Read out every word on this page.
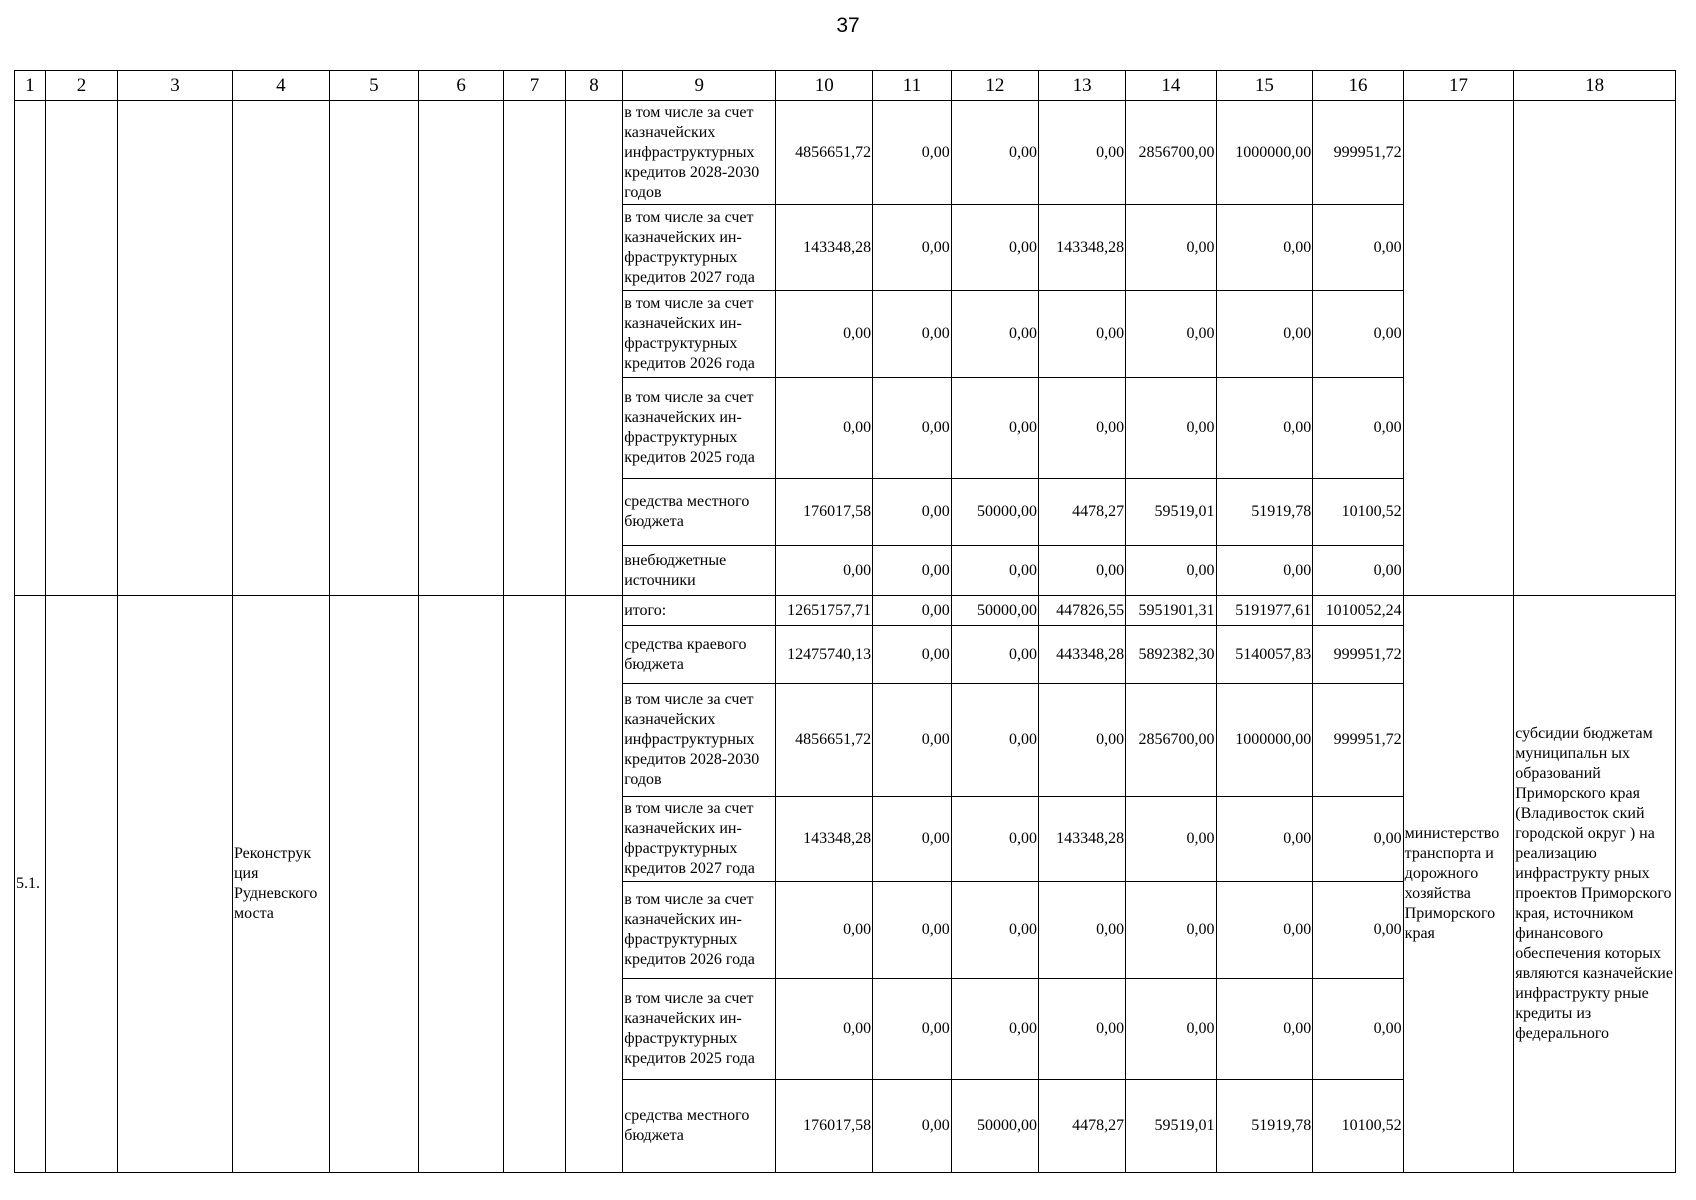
37
1	2	3	4	5	6	7	8	9	10	11	12	13	14	15	16	17	18
								в том числе за счет казначейских инфраструктурных кредитов 2028-2030 годов	4856651,72	0,00	0,00	0,00	2856700,00	1000000,00	999951,72		
								в том числе за счет казначейских ин-фраструктурных кредитов 2027 года	143348,28	0,00	0,00	143348,28	0,00	0,00	0,00		
								в том числе за счет казначейских ин-фраструктурных кредитов 2026 года	0,00	0,00	0,00	0,00	0,00	0,00	0,00		
								в том числе за счет казначейских ин-фраструктурных кредитов 2025 года	0,00	0,00	0,00	0,00	0,00	0,00	0,00		
								средства местного бюджета	176017,58	0,00	50000,00	4478,27	59519,01	51919,78	10100,52		
								внебюджетные источники	0,00	0,00	0,00	0,00	0,00	0,00	0,00		
5.1.			Реконструк ция Рудневского моста					итого:	12651757,71	0,00	50000,00	447826,55	5951901,31	5191977,61	1010052,24	министерство транспорта и дорожного хозяйства Приморского края	субсидии бюджетам муниципальн ых образований Приморского края (Владивосток ский городской округ ) на реализацию инфраструкту рных проектов Приморского края, источником финансового обеспечения которых являются казначейские инфраструкту рные кредиты из федерального
								средства краевого бюджета	12475740,13	0,00	0,00	443348,28	5892382,30	5140057,83	999951,72		
								в том числе за счет казначейских инфраструктурных кредитов 2028-2030 годов	4856651,72	0,00	0,00	0,00	2856700,00	1000000,00	999951,72		
								в том числе за счет казначейских ин-фраструктурных кредитов 2027 года	143348,28	0,00	0,00	143348,28	0,00	0,00	0,00		
								в том числе за счет казначейских ин-фраструктурных кредитов 2026 года	0,00	0,00	0,00	0,00	0,00	0,00	0,00		
								в том числе за счет казначейских ин-фраструктурных кредитов 2025 года	0,00	0,00	0,00	0,00	0,00	0,00	0,00		
								средства местного бюджета	176017,58	0,00	50000,00	4478,27	59519,01	51919,78	10100,52		
